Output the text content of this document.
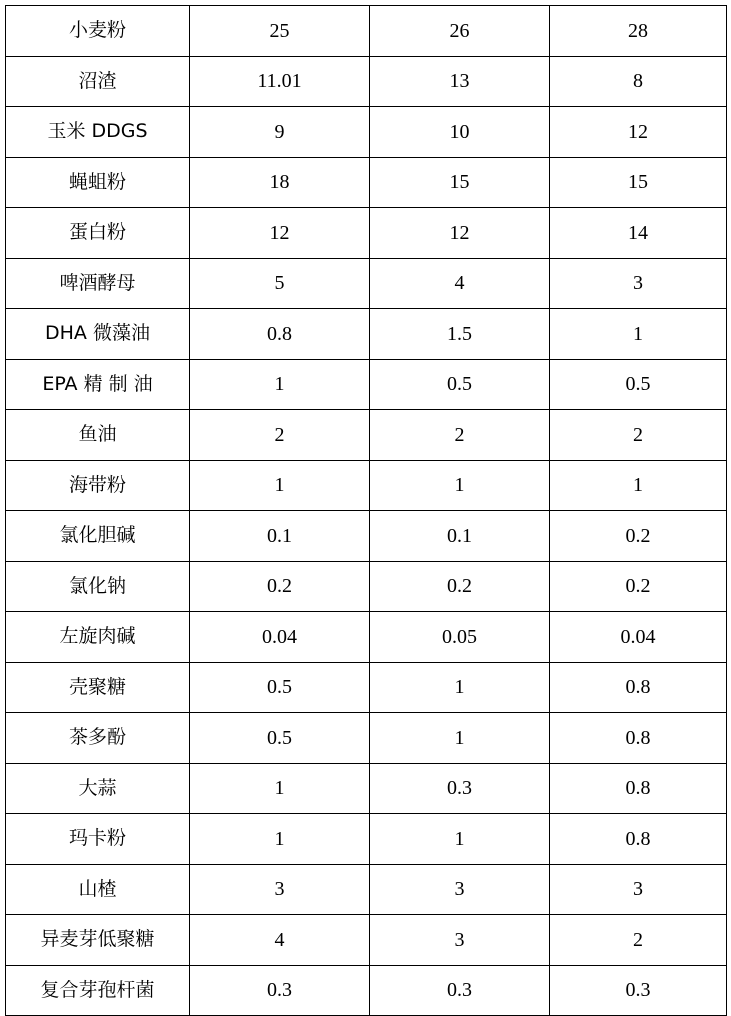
小麦粉	25	26	28
沼渣	11.01	13	8
玉米 DDGS	9	10	12
蝇蛆粉	18	15	15
蛋白粉	12	12	14
啤酒酵母	5	4	3
DHA 微藻油	0.8	1.5	1
EPA 精 制 油	1	0.5	0.5
鱼油	2	2	2
海带粉	1	1	1
氯化胆碱	0.1	0.1	0.2
氯化钠	0.2	0.2	0.2
左旋肉碱	0.04	0.05	0.04
壳聚糖	0.5	1	0.8
茶多酚	0.5	1	0.8
大蒜	1	0.3	0.8
玛卡粉	1	1	0.8
山楂	3	3	3
异麦芽低聚糖	4	3	2
复合芽孢杆菌	0.3	0.3	0.3
